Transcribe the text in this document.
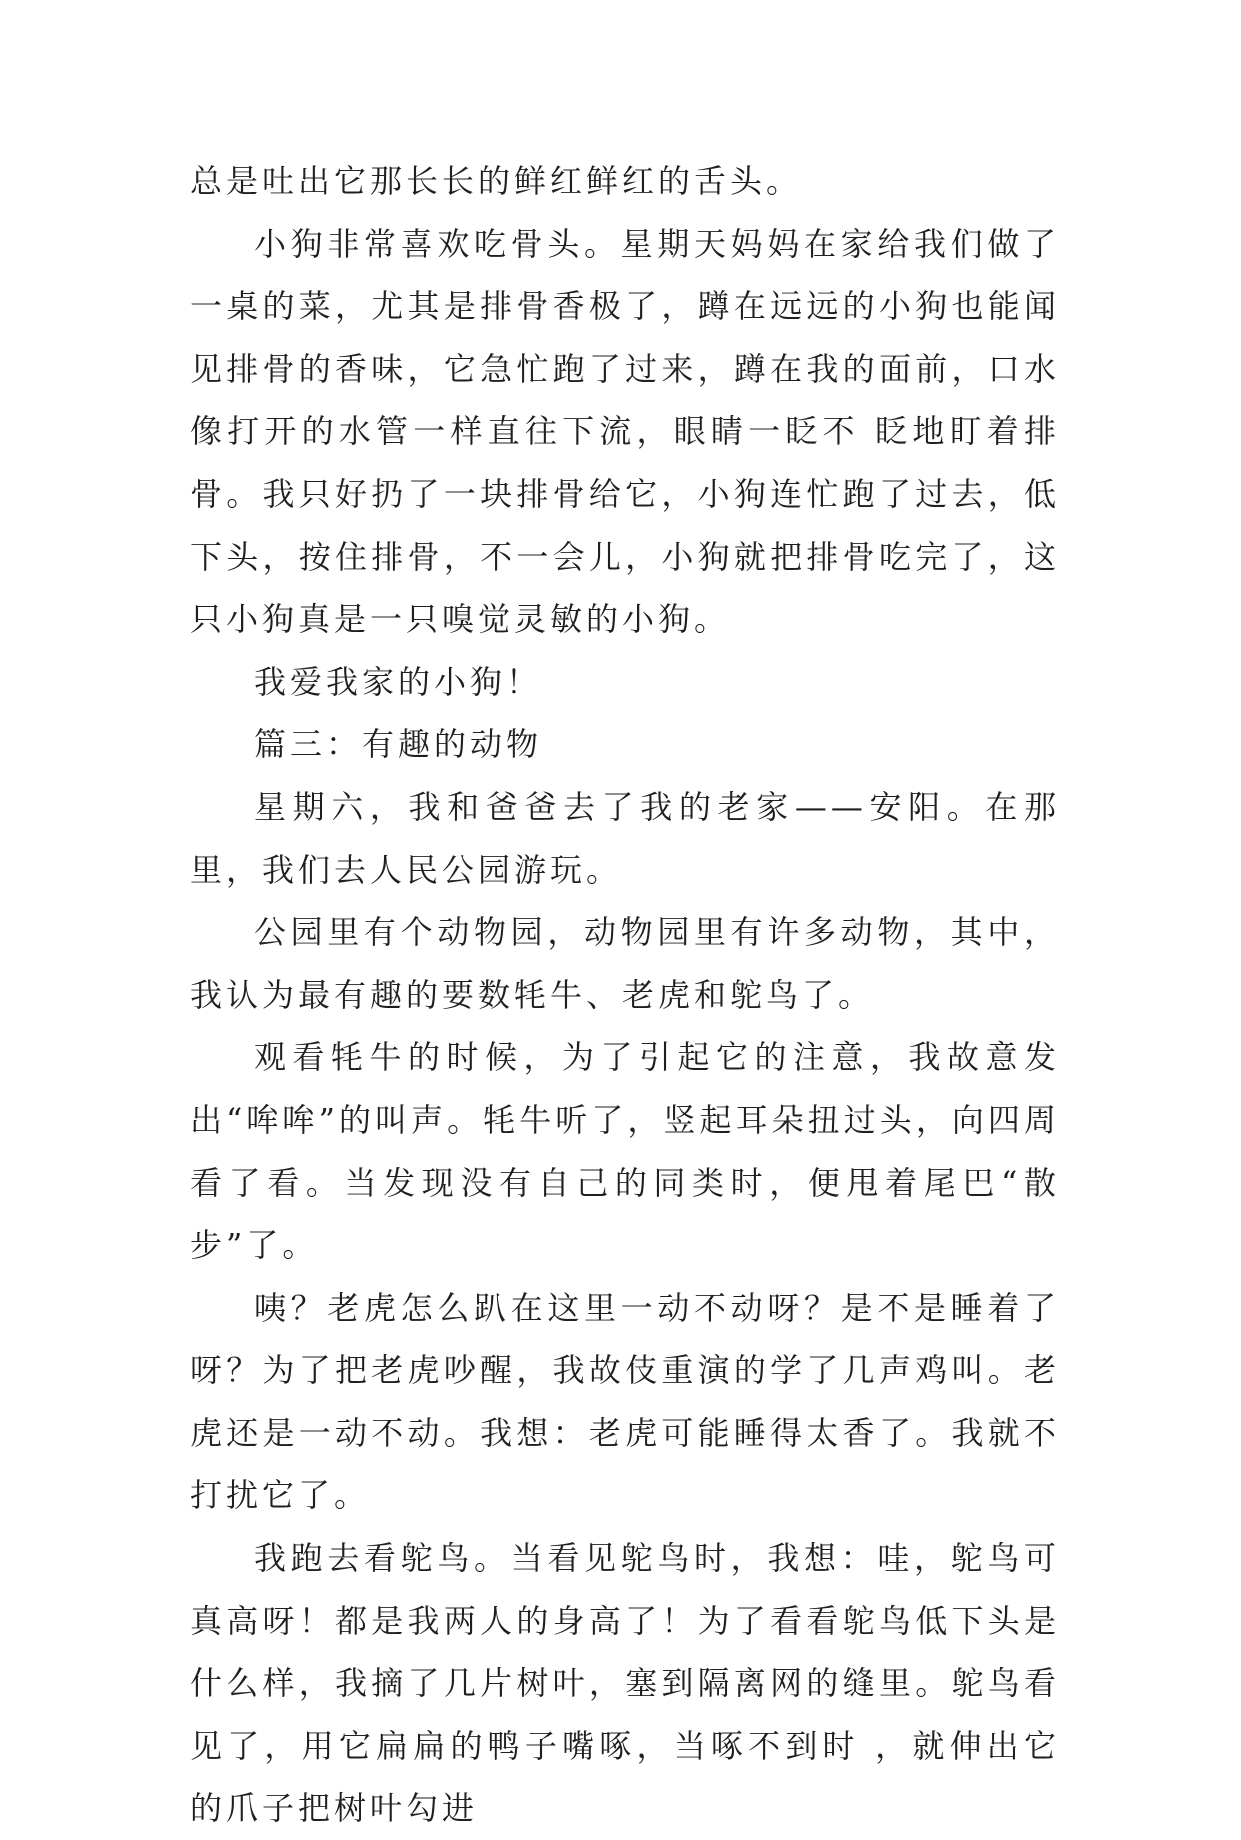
总是吐出它那长长的鲜红鲜红的舌头。

小狗非常喜欢吃骨头。星期天妈妈在家给我们做了一桌的菜，尤其是排骨香极了，蹲在远远的小狗也能闻见排骨的香味，它急忙跑了过来，蹲在我的面前，口水像打开的水管一样直往下流，眼睛一眨不 眨地盯着排骨。我只好扔了一块排骨给它，小狗连忙跑了过去，低下头，按住排骨，不一会儿，小狗就把排骨吃完了，这只小狗真是一只嗅觉灵敏的小狗。

我爱我家的小狗！

篇三：有趣的动物

星期六，我和爸爸去了我的老家——安阳。在那里，我们去人民公园游玩。

公园里有个动物园，动物园里有许多动物，其中，我认为最有趣的要数牦牛、老虎和鸵鸟了。

观看牦牛的时候，为了引起它的注意，我故意发出“哞哞”的叫声。牦牛听了，竖起耳朵扭过头，向四周看了看。当发现没有自己的同类时，便甩着尾巴“散步”了。

咦？老虎怎么趴在这里一动不动呀？是不是睡着了呀？为了把老虎吵醒，我故伎重演的学了几声鸡叫。老虎还是一动不动。我想：老虎可能睡得太香了。我就不打扰它了。

我跑去看鸵鸟。当看见鸵鸟时，我想：哇，鸵鸟可真高呀！都是我两人的身高了！为了看看鸵鸟低下头是什么样，我摘了几片树叶，塞到隔离网的缝里。鸵鸟看见了，用它扁扁的鸭子嘴啄，当啄不到时 ，就伸出它的爪子把树叶勾进
